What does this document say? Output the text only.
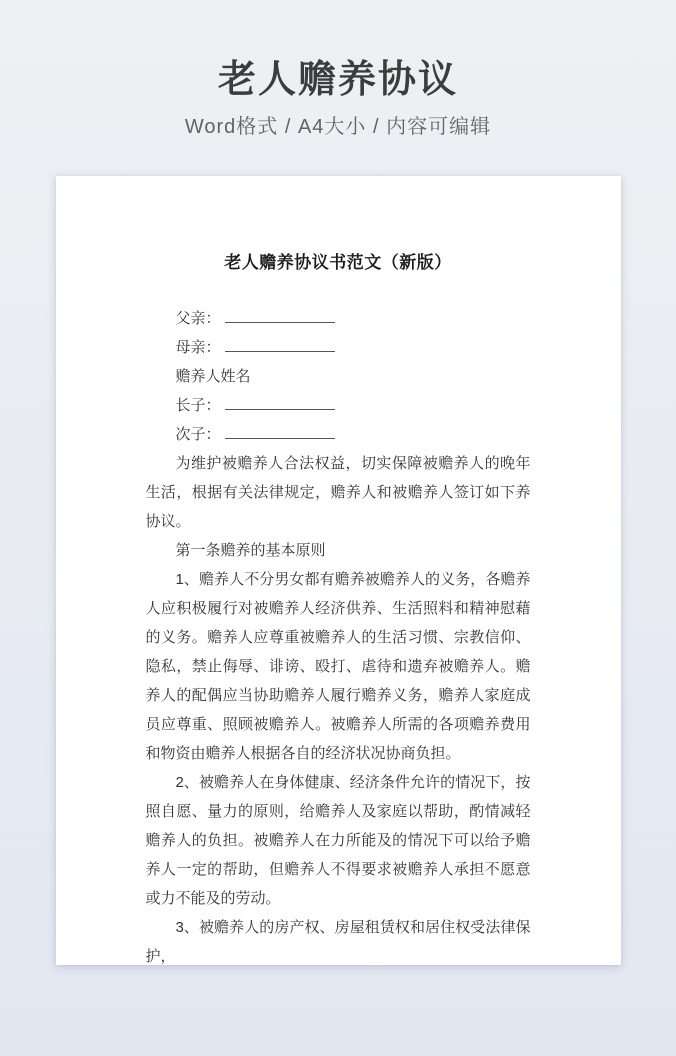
老人赡养协议
Word格式 / A4大小 / 内容可编辑
老人赡养协议书范文（新版）
父亲：
母亲：
赡养人姓名
长子：
次子：
为维护被赡养人合法权益，切实保障被赡养人的晚年生活，根据有关法律规定，赡养人和被赡养人签订如下养协议。
第一条赡养的基本原则
1、赡养人不分男女都有赡养被赡养人的义务，各赡养人应积极履行对被赡养人经济供养、生活照料和精神慰藉的义务。赡养人应尊重被赡养人的生活习惯、宗教信仰、隐私，禁止侮辱、诽谤、殴打、虐待和遗弃被赡养人。赡养人的配偶应当协助赡养人履行赡养义务，赡养人家庭成员应尊重、照顾被赡养人。被赡养人所需的各项赡养费用和物资由赡养人根据各自的经济状况协商负担。
2、被赡养人在身体健康、经济条件允许的情况下，按照自愿、量力的原则，给赡养人及家庭以帮助，酌情减轻赡养人的负担。被赡养人在力所能及的情况下可以给予赡养人一定的帮助，但赡养人不得要求被赡养人承担不愿意或力不能及的劳动。
3、被赡养人的房产权、房屋租赁权和居住权受法律保护，
